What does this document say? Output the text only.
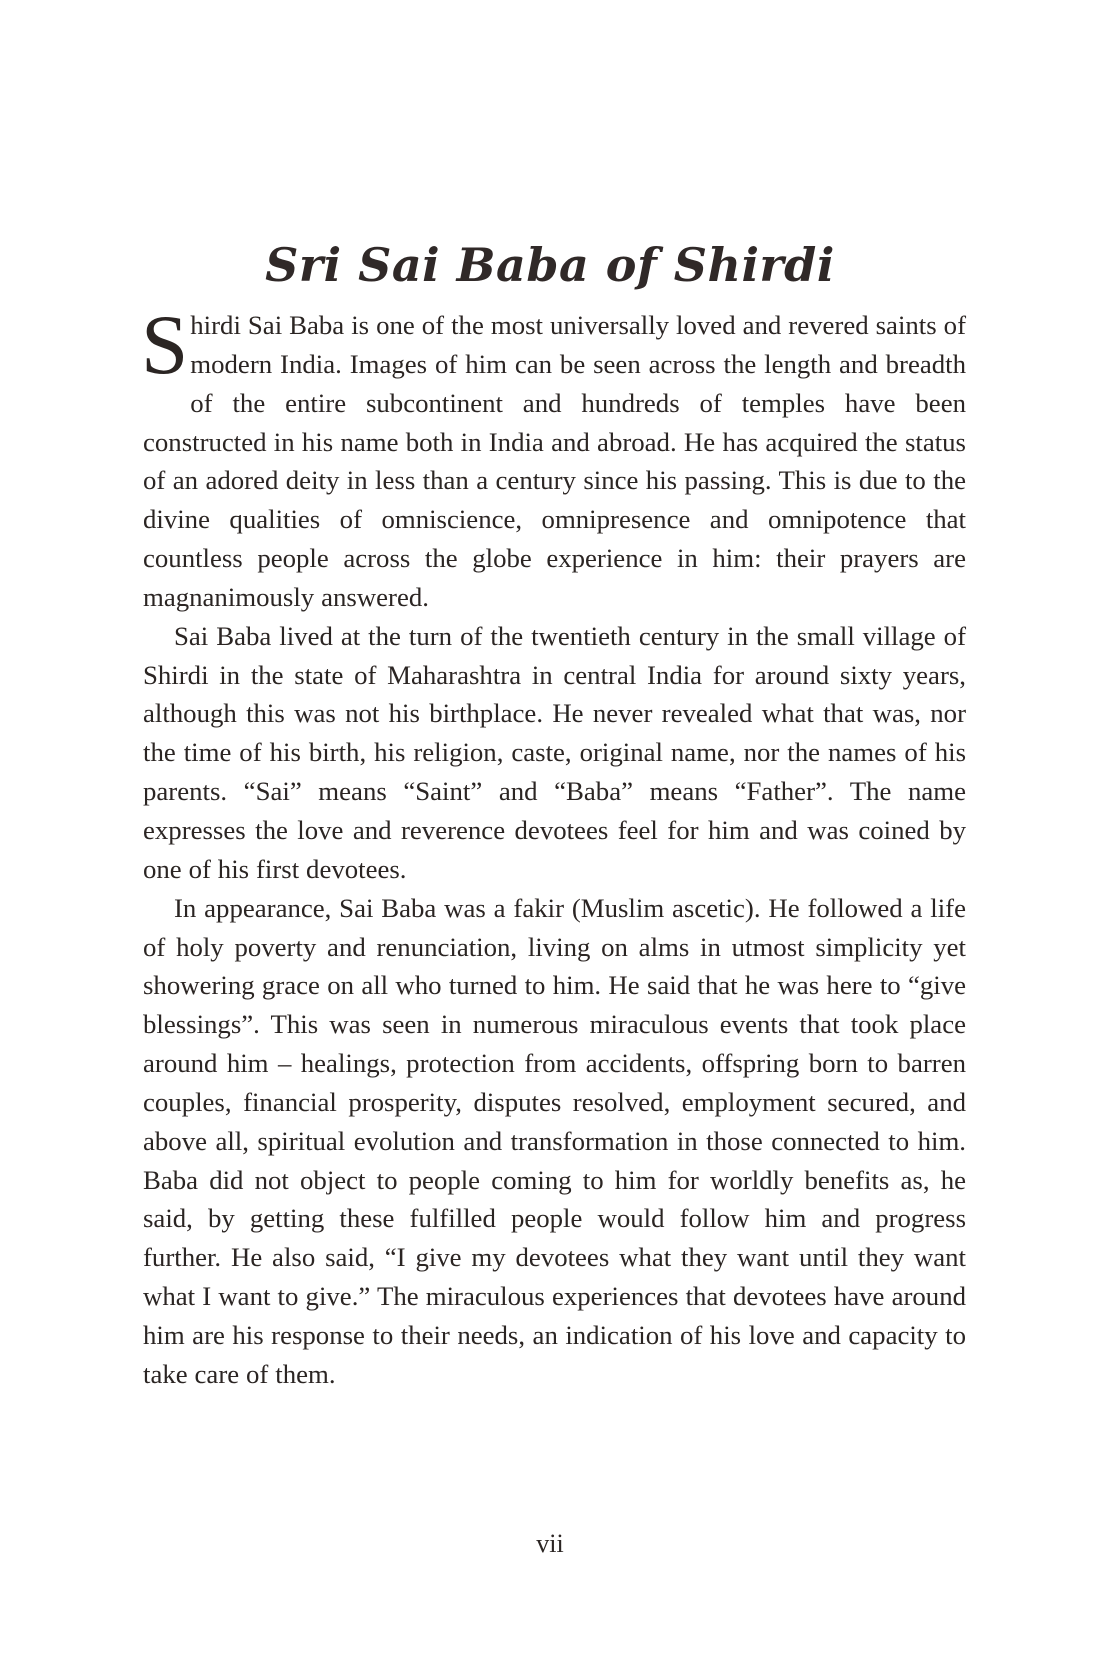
Sri Sai Baba of Shirdi

Shirdi Sai Baba is one of the most universally loved and revered saints of modern India. Images of him can be seen across the length and breadth of the entire subcontinent and hundreds of temples have been constructed in his name both in India and abroad. He has acquired the status of an adored deity in less than a century since his passing. This is due to the divine qualities of omniscience, omnipresence and omnipotence that countless people across the globe experience in him: their prayers are magnanimously answered.

Sai Baba lived at the turn of the twentieth century in the small village of Shirdi in the state of Maharashtra in central India for around sixty years, although this was not his birthplace. He never revealed what that was, nor the time of his birth, his religion, caste, original name, nor the names of his parents. “Sai” means “Saint” and “Baba” means “Father”. The name expresses the love and reverence devotees feel for him and was coined by one of his first devotees.

In appearance, Sai Baba was a fakir (Muslim ascetic). He followed a life of holy poverty and renunciation, living on alms in utmost simplicity yet showering grace on all who turned to him. He said that he was here to “give blessings”. This was seen in numerous miraculous events that took place around him – healings, protection from accidents, offspring born to barren couples, financial prosperity, disputes resolved, employment secured, and above all, spiritual evolution and transformation in those connected to him. Baba did not object to people coming to him for worldly benefits as, he said, by getting these fulfilled people would follow him and progress further. He also said, “I give my devotees what they want until they want what I want to give.” The miraculous experiences that devotees have around him are his response to their needs, an indication of his love and capacity to take care of them.

vii
